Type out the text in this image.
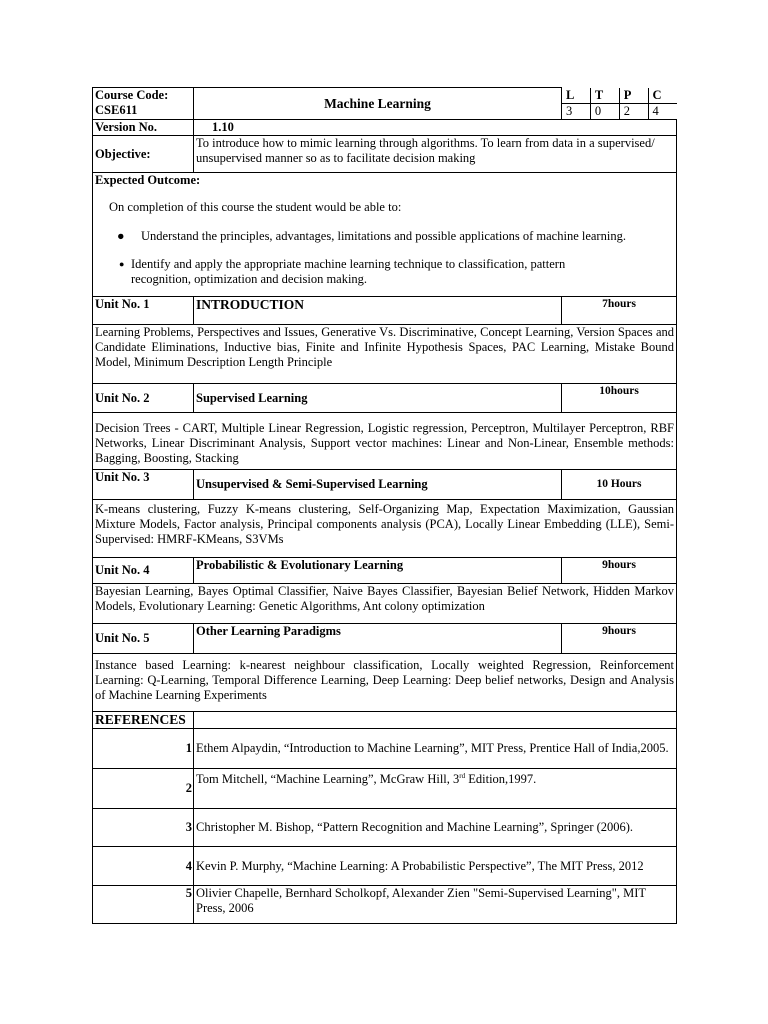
Course Code:
CSE611	Machine Learning	
L	T	P	C
3	0	2	4

Version No.	1.10
Objective:	To introduce how to mimic learning through algorithms. To learn from data in a supervised/ unsupervised manner so as to facilitate decision making

Expected Outcome:

On completion of this course the student would be able to:

● Understand the principles, advantages, limitations and possible applications of machine learning.
● Identify and apply the appropriate machine learning technique to classification, pattern recognition, optimization and decision making.

Unit No. 1	INTRODUCTION	7hours
Learning Problems, Perspectives and Issues, Generative Vs. Discriminative, Concept Learning, Version Spaces and Candidate Eliminations, Inductive bias, Finite and Infinite Hypothesis Spaces, PAC Learning, Mistake Bound Model, Minimum Description Length Principle
Unit No. 2	Supervised Learning	10hours
Decision Trees - CART, Multiple Linear Regression, Logistic regression, Perceptron, Multilayer Perceptron, RBF Networks, Linear Discriminant Analysis, Support vector machines: Linear and Non-Linear, Ensemble methods: Bagging, Boosting, Stacking
Unit No. 3	Unsupervised & Semi-Supervised Learning	10 Hours
K-means clustering, Fuzzy K-means clustering, Self-Organizing Map, Expectation Maximization, Gaussian Mixture Models, Factor analysis, Principal components analysis (PCA), Locally Linear Embedding (LLE), Semi-Supervised: HMRF-KMeans, S3VMs
Unit No. 4	Probabilistic & Evolutionary Learning	9hours
Bayesian Learning, Bayes Optimal Classifier, Naive Bayes Classifier, Bayesian Belief Network, Hidden Markov Models, Evolutionary Learning: Genetic Algorithms, Ant colony optimization
Unit No. 5	Other Learning Paradigms	9hours
Instance based Learning: k-nearest neighbour classification, Locally weighted Regression, Reinforcement Learning: Q-Learning, Temporal Difference Learning, Deep Learning: Deep belief networks, Design and Analysis of Machine Learning Experiments
REFERENCES	
1	Ethem Alpaydin, “Introduction to Machine Learning”, MIT Press, Prentice Hall of India,2005.
2	Tom Mitchell, “Machine Learning”, McGraw Hill, 3rd Edition,1997.
3	Christopher M. Bishop, “Pattern Recognition and Machine Learning”, Springer (2006).
4	Kevin P. Murphy, “Machine Learning: A Probabilistic Perspective”, The MIT Press, 2012
5	Olivier Chapelle, Bernhard Scholkopf, Alexander Zien "Semi-Supervised Learning", MIT Press, 2006
